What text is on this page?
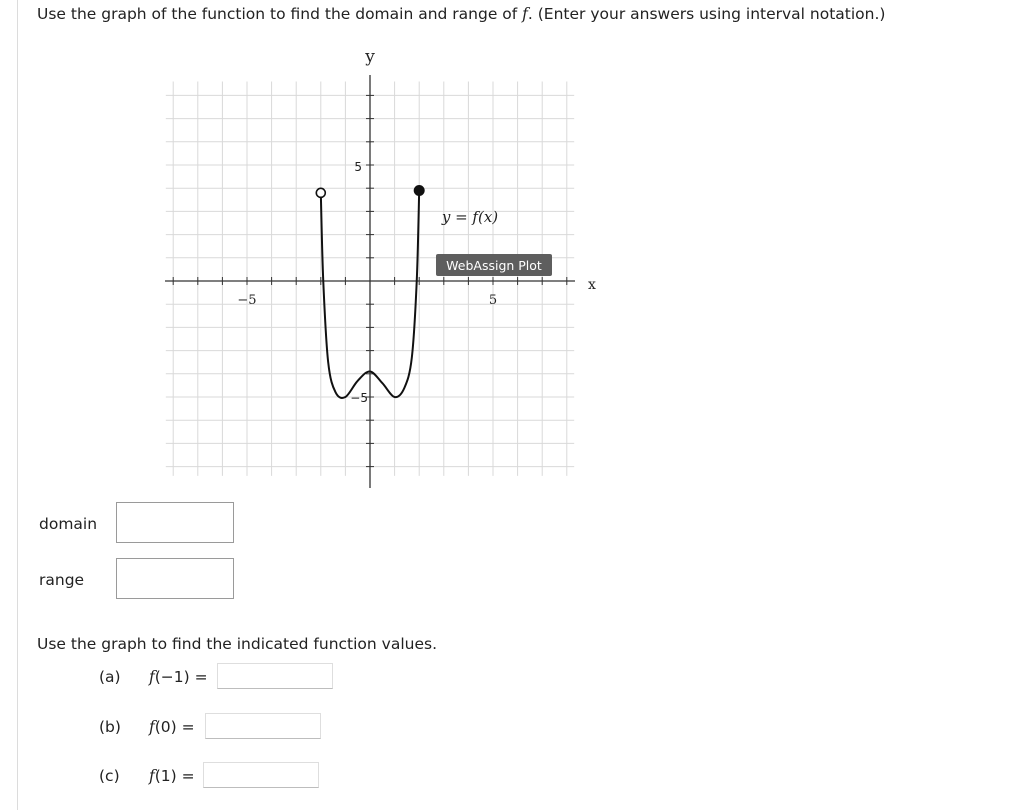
Use the graph of the function to find the domain and range of f. (Enter your answers using interval notation.)
y
x
5
−5
−5	5
y = f(x)
WebAssign Plot
domain
range
Use the graph to find the indicated function values.
(a) f(−1) =
(b) f(0) =
(c) f(1) =
